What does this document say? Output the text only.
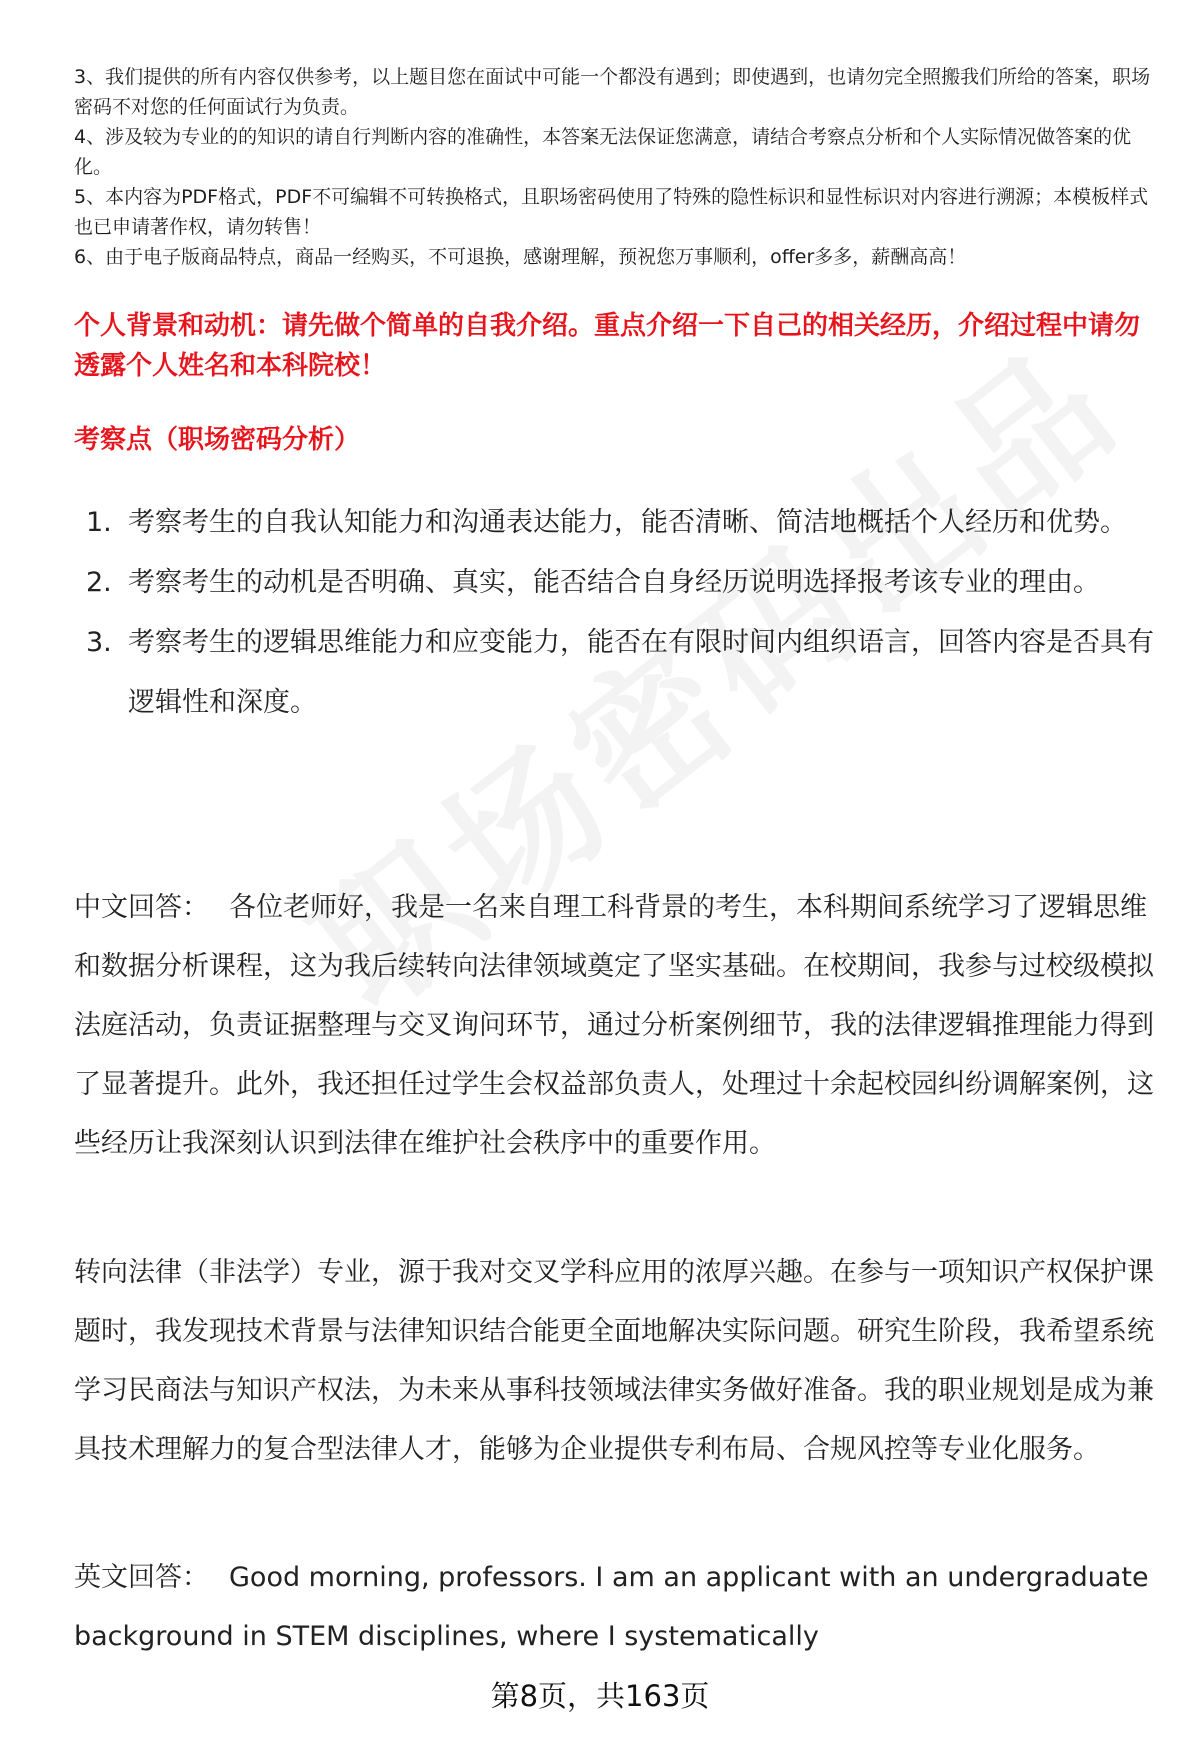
3、我们提供的所有内容仅供参考，以上题目您在面试中可能一个都没有遇到；即使遇到，也请勿完全照搬我们所给的答案，职场密码不对您的任何面试行为负责。

4、涉及较为专业的的知识的请自行判断内容的准确性，本答案无法保证您满意，请结合考察点分析和个人实际情况做答案的优化。

5、本内容为PDF格式，PDF不可编辑不可转换格式，且职场密码使用了特殊的隐性标识和显性标识对内容进行溯源；本模板样式也已申请著作权，请勿转售！

6、由于电子版商品特点，商品一经购买，不可退换，感谢理解，预祝您万事顺利，offer多多，薪酬高高！

个人背景和动机：请先做个简单的自我介绍。重点介绍一下自己的相关经历，介绍过程中请勿透露个人姓名和本科院校！

考察点（职场密码分析）

1. 考察考生的自我认知能力和沟通表达能力，能否清晰、简洁地概括个人经历和优势。
2. 考察考生的动机是否明确、真实，能否结合自身经历说明选择报考该专业的理由。
3. 考察考生的逻辑思维能力和应变能力，能否在有限时间内组织语言，回答内容是否具有逻辑性和深度。

中文回答： 各位老师好，我是一名来自理工科背景的考生，本科期间系统学习了逻辑思维和数据分析课程，这为我后续转向法律领域奠定了坚实基础。在校期间，我参与过校级模拟法庭活动，负责证据整理与交叉询问环节，通过分析案例细节，我的法律逻辑推理能力得到了显著提升。此外，我还担任过学生会权益部负责人，处理过十余起校园纠纷调解案例，这些经历让我深刻认识到法律在维护社会秩序中的重要作用。

转向法律（非法学）专业，源于我对交叉学科应用的浓厚兴趣。在参与一项知识产权保护课题时，我发现技术背景与法律知识结合能更全面地解决实际问题。研究生阶段，我希望系统学习民商法与知识产权法，为未来从事科技领域法律实务做好准备。我的职业规划是成为兼具技术理解力的复合型法律人才，能够为企业提供专利布局、合规风控等专业化服务。

英文回答： Good morning, professors. I am an applicant with an undergraduate background in STEM disciplines, where I systematically

第8页，共163页
